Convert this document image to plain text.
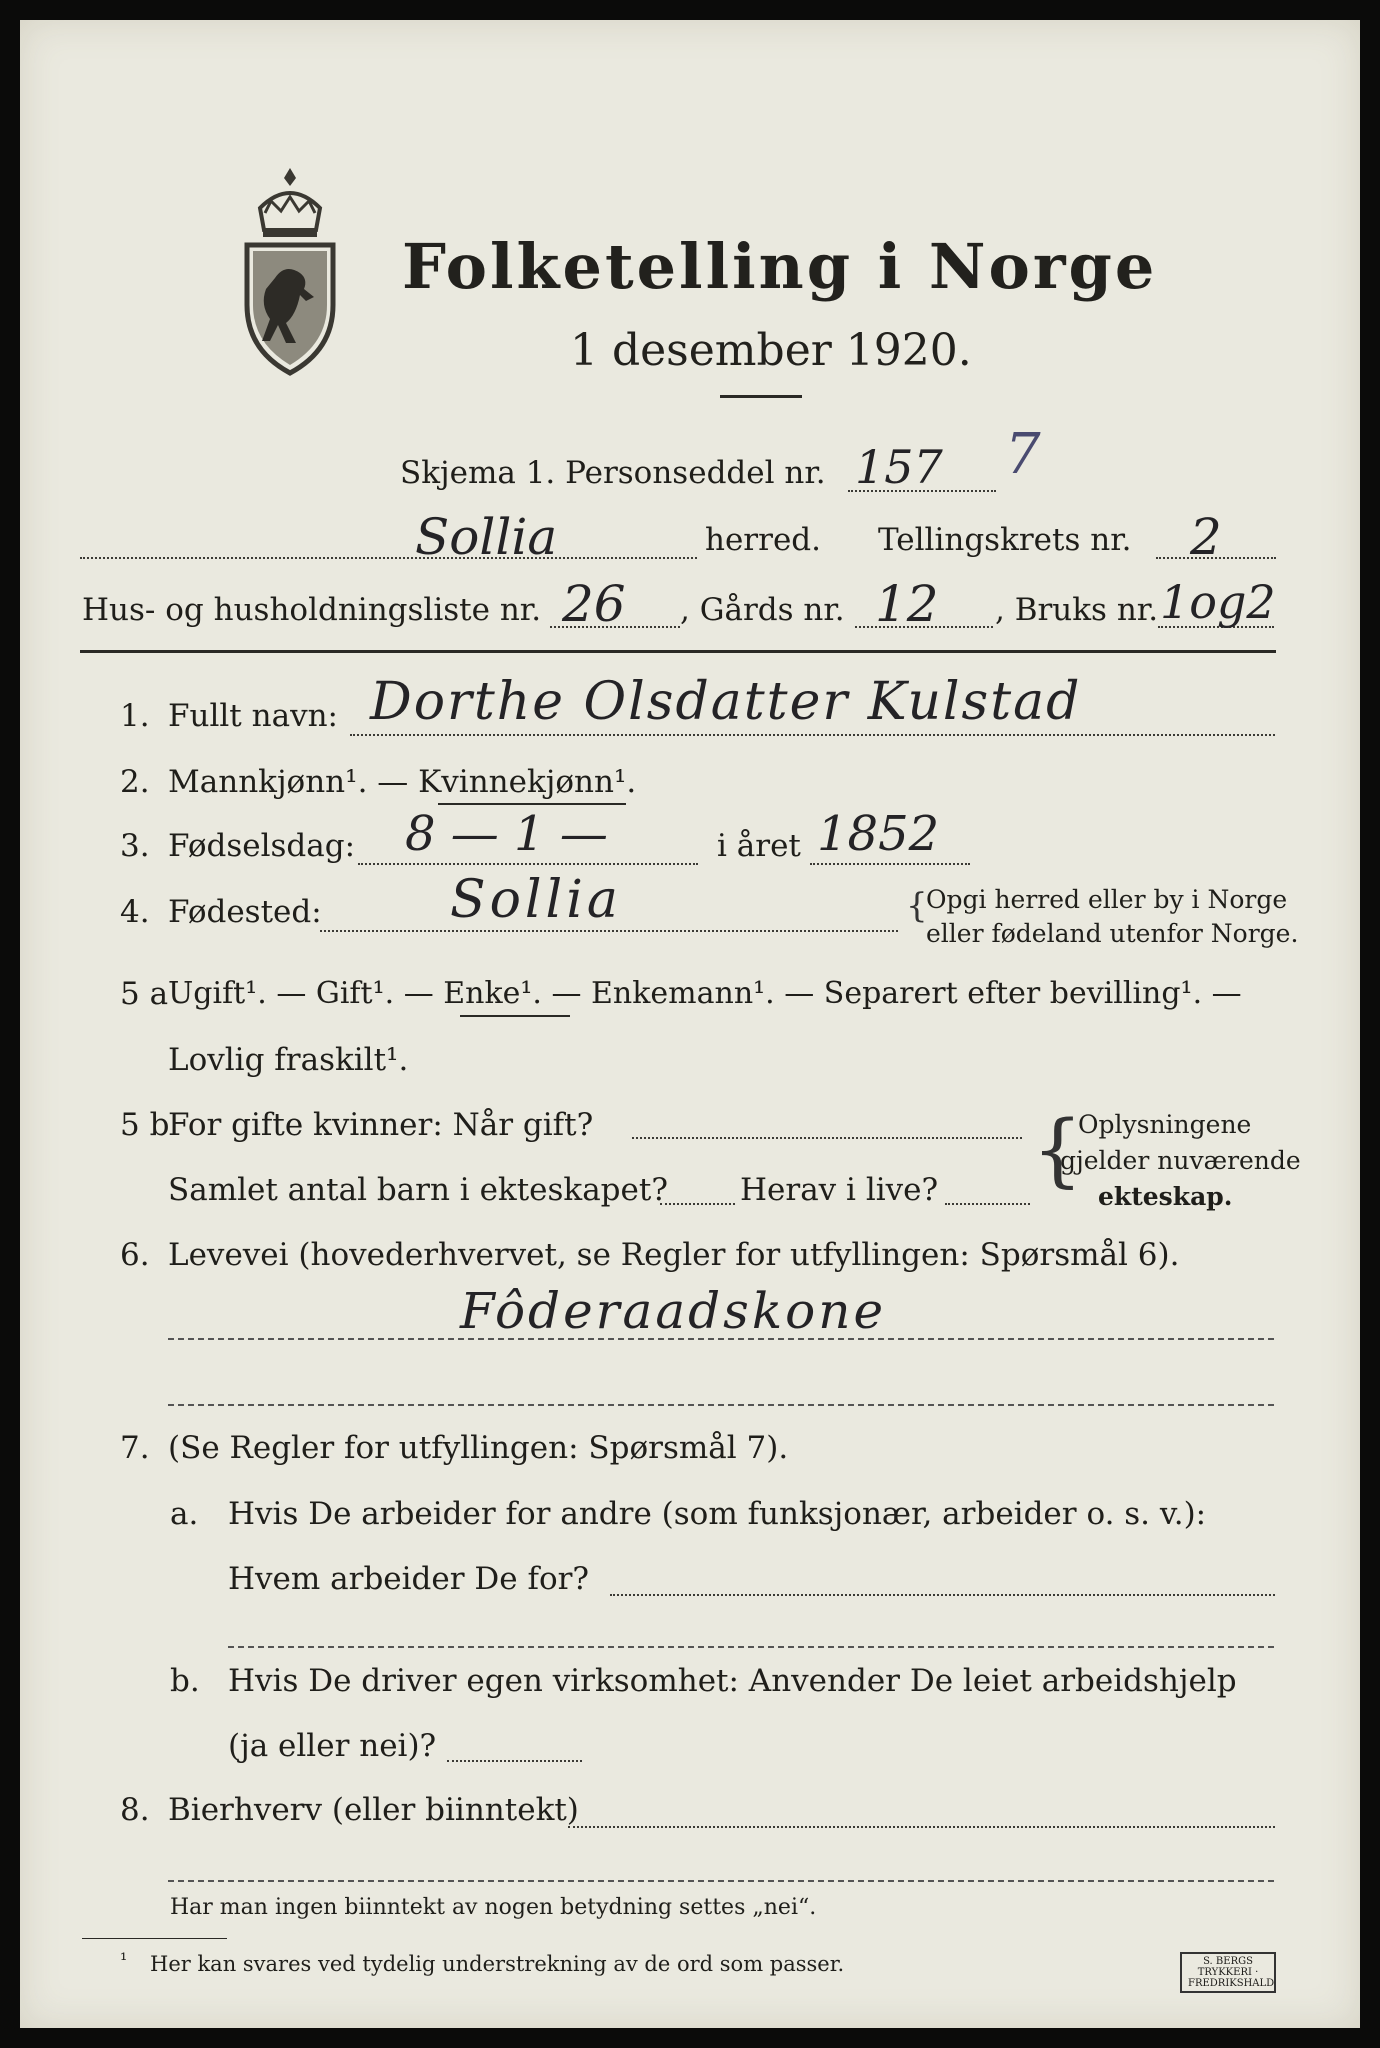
Folketelling i Norge
1 desember 1920.
Skjema 1. Personseddel nr. 157 7
Sollia	herred. Tellingskrets nr. 2
Hus- og husholdningsliste nr. 26 , Gårds nr. 12 , Bruks nr. 1og2
1. Fullt navn: Dorthe Olsdatter Kulstad
2. Mannkjønn¹. — Kvinnekjønn¹.
3. Fødselsdag: 8 — 1 —	i året 1852
4. Fødested: Sollia	{
Opgi herred eller by i Norge
eller fødeland utenfor Norge.
5 a Ugift¹. — Gift¹. — Enke¹. — Enkemann¹. — Separert efter bevilling¹. —
Lovlig fraskilt¹.
5 b
For gifte kvinner: Når gift?
Samlet antal barn i ekteskapet? Herav i live? {
Oplysningene
gjelder nuværende
ekteskap.
6. Levevei (hovederhvervet, se Regler for utfyllingen: Spørsmål 6).
Fôderaadskone
7. (Se Regler for utfyllingen: Spørsmål 7).
a. Hvis De arbeider for andre (som funksjonær, arbeider o. s. v.):
Hvem arbeider De for?
b. Hvis De driver egen virksomhet: Anvender De leiet arbeidshjelp
(ja eller nei)?
8. Bierhverv (eller biinntekt)
Har man ingen biinntekt av nogen betydning settes „nei“.
¹ Her kan svares ved tydelig understrekning av de ord som passer.	S. BERGS TRYKKERI · FREDRIKSHALD
